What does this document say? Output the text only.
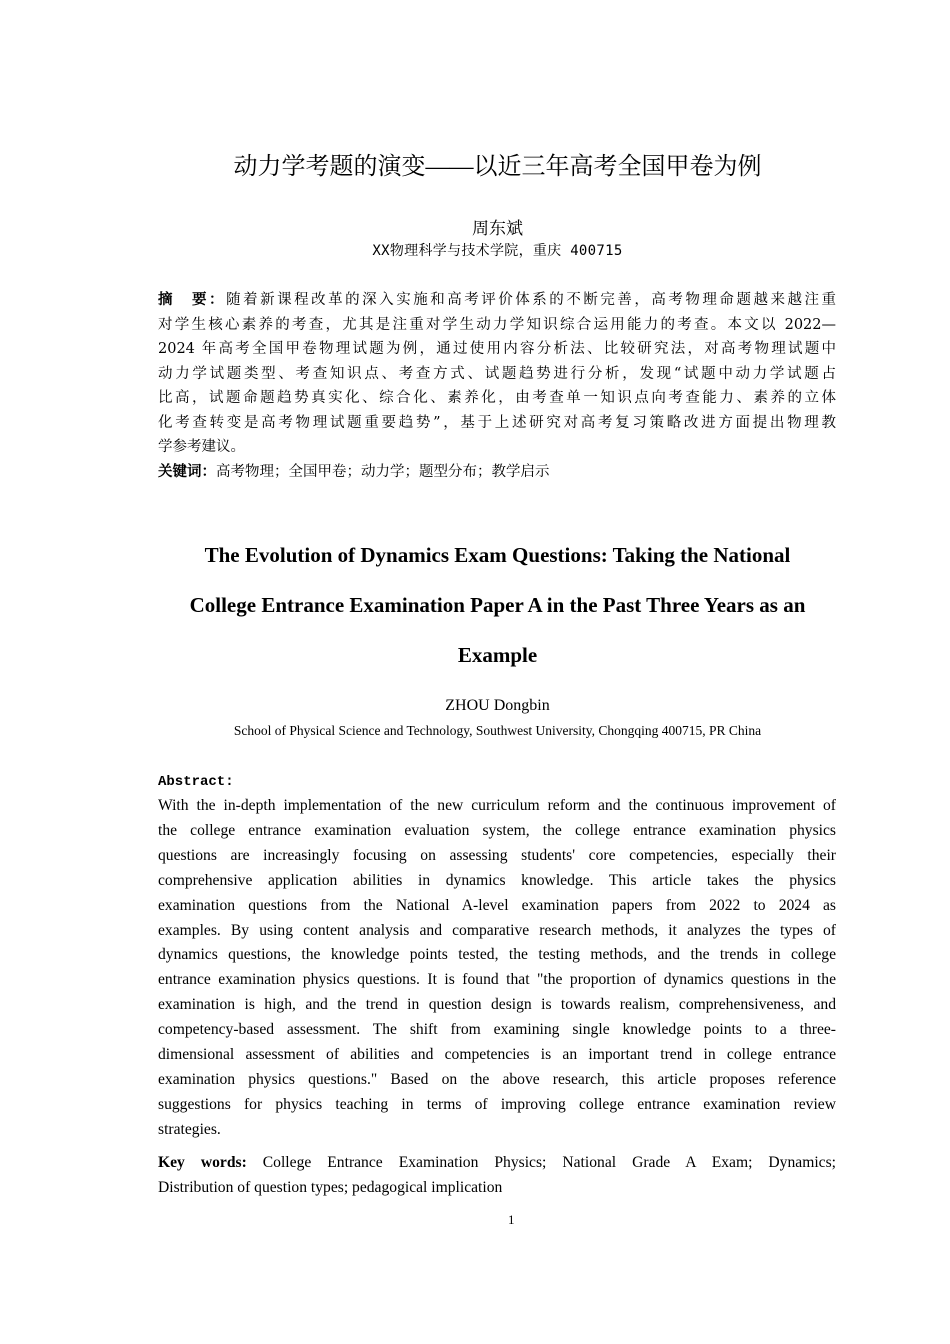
动力学考题的演变——以近三年高考全国甲卷为例
周东斌
XX物理科学与技术学院，重庆 400715
摘　要：随着新课程改革的深入实施和高考评价体系的不断完善，高考物理命题越来越注重
对学生核心素养的考查，尤其是注重对学生动力学知识综合运用能力的考查。本文以 2022—
2024 年高考全国甲卷物理试题为例，通过使用内容分析法、比较研究法，对高考物理试题中
动力学试题类型、考查知识点、考查方式、试题趋势进行分析，发现“试题中动力学试题占
比高，试题命题趋势真实化、综合化、素养化，由考查单一知识点向考查能力、素养的立体
化考查转变是高考物理试题重要趋势”，基于上述研究对高考复习策略改进方面提出物理教
学参考建议。
关键词：高考物理；全国甲卷；动力学；题型分布；教学启示
The Evolution of Dynamics Exam Questions: Taking the National
College Entrance Examination Paper A in the Past Three Years as an
Example
ZHOU Dongbin
School of Physical Science and Technology, Southwest University, Chongqing 400715, PR China
Abstract:
With the in-depth implementation of the new curriculum reform and the continuous improvement of
the college entrance examination evaluation system, the college entrance examination physics
questions are increasingly focusing on assessing students' core competencies, especially their
comprehensive application abilities in dynamics knowledge. This article takes the physics
examination questions from the National A-level examination papers from 2022 to 2024 as
examples. By using content analysis and comparative research methods, it analyzes the types of
dynamics questions, the knowledge points tested, the testing methods, and the trends in college
entrance examination physics questions. It is found that "the proportion of dynamics questions in the
examination is high, and the trend in question design is towards realism, comprehensiveness, and
competency-based assessment. The shift from examining single knowledge points to a three-
dimensional assessment of abilities and competencies is an important trend in college entrance
examination physics questions." Based on the above research, this article proposes reference
suggestions for physics teaching in terms of improving college entrance examination review
strategies.
Key words: College Entrance Examination Physics; National Grade A Exam; Dynamics;
Distribution of question types; pedagogical implication
1
